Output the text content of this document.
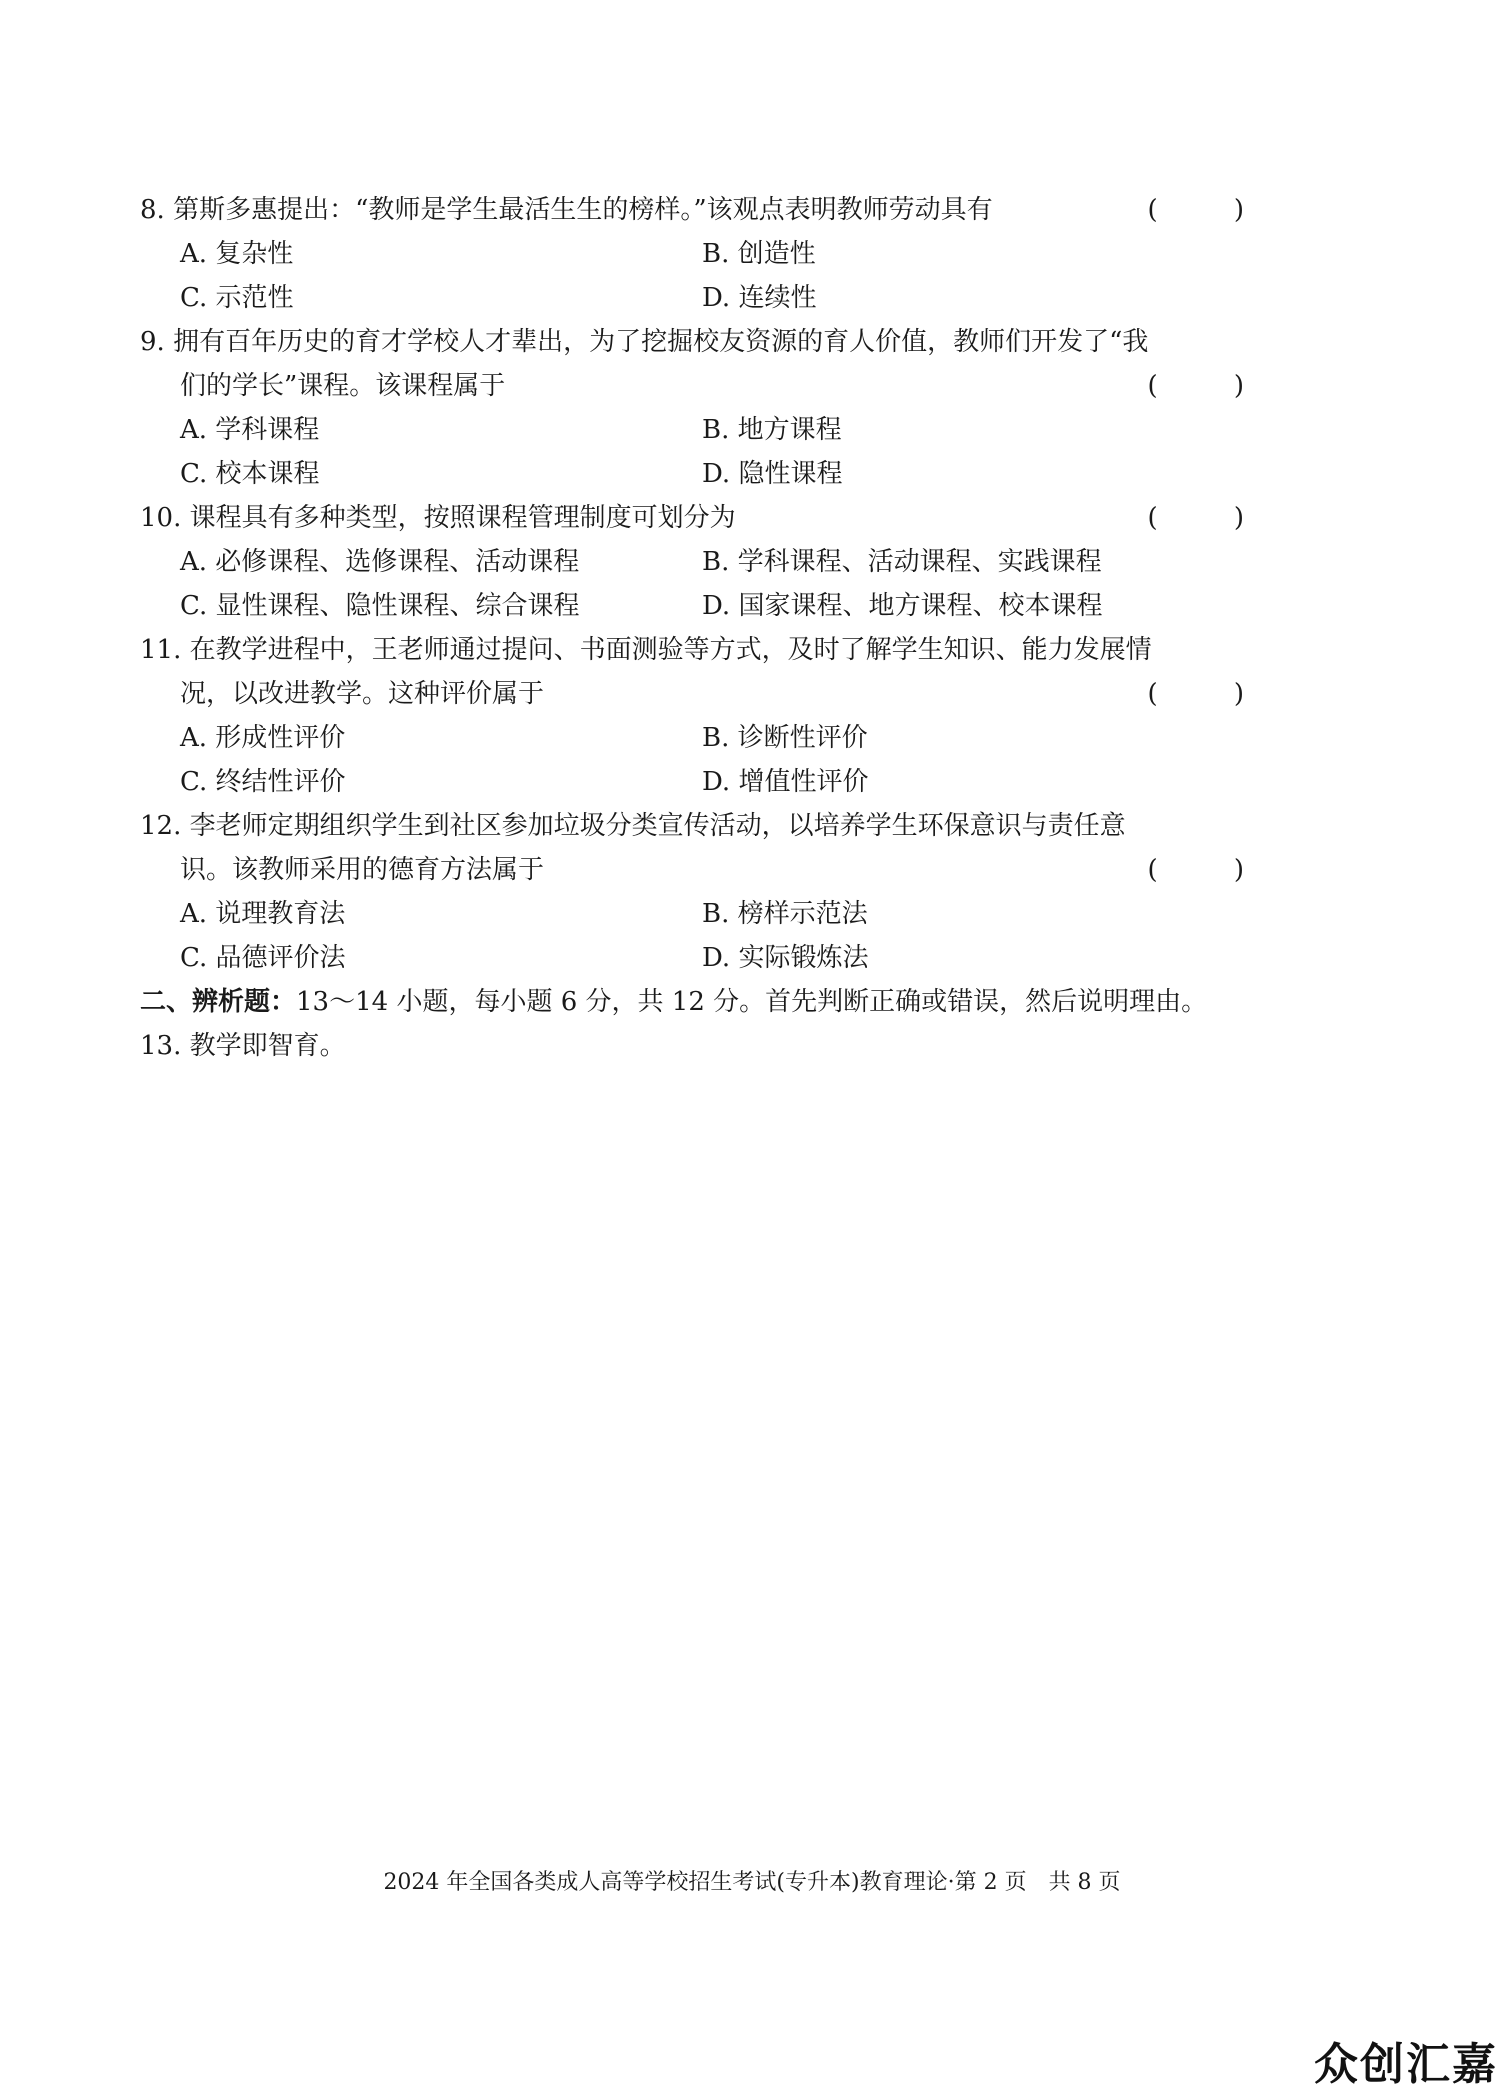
8. 第斯多惠提出：“教师是学生最活生生的榜样。”该观点表明教师劳动具有	( )
A. 复杂性	B. 创造性
C. 示范性	D. 连续性
9. 拥有百年历史的育才学校人才辈出，为了挖掘校友资源的育人价值，教师们开发了“我
们的学长”课程。该课程属于	( )
A. 学科课程	B. 地方课程
C. 校本课程	D. 隐性课程
10. 课程具有多种类型，按照课程管理制度可划分为	( )
A. 必修课程、选修课程、活动课程	B. 学科课程、活动课程、实践课程
C. 显性课程、隐性课程、综合课程	D. 国家课程、地方课程、校本课程
11. 在教学进程中，王老师通过提问、书面测验等方式，及时了解学生知识、能力发展情
况，以改进教学。这种评价属于	( )
A. 形成性评价	B. 诊断性评价
C. 终结性评价	D. 增值性评价
12. 李老师定期组织学生到社区参加垃圾分类宣传活动，以培养学生环保意识与责任意
识。该教师采用的德育方法属于	( )
A. 说理教育法	B. 榜样示范法
C. 品德评价法	D. 实际锻炼法
二、辨析题：13～14 小题，每小题 6 分，共 12 分。首先判断正确或错误，然后说明理由。
13. 教学即智育。
2024 年全国各类成人高等学校招生考试(专升本)教育理论·第 2 页　共 8 页
众创汇嘉
